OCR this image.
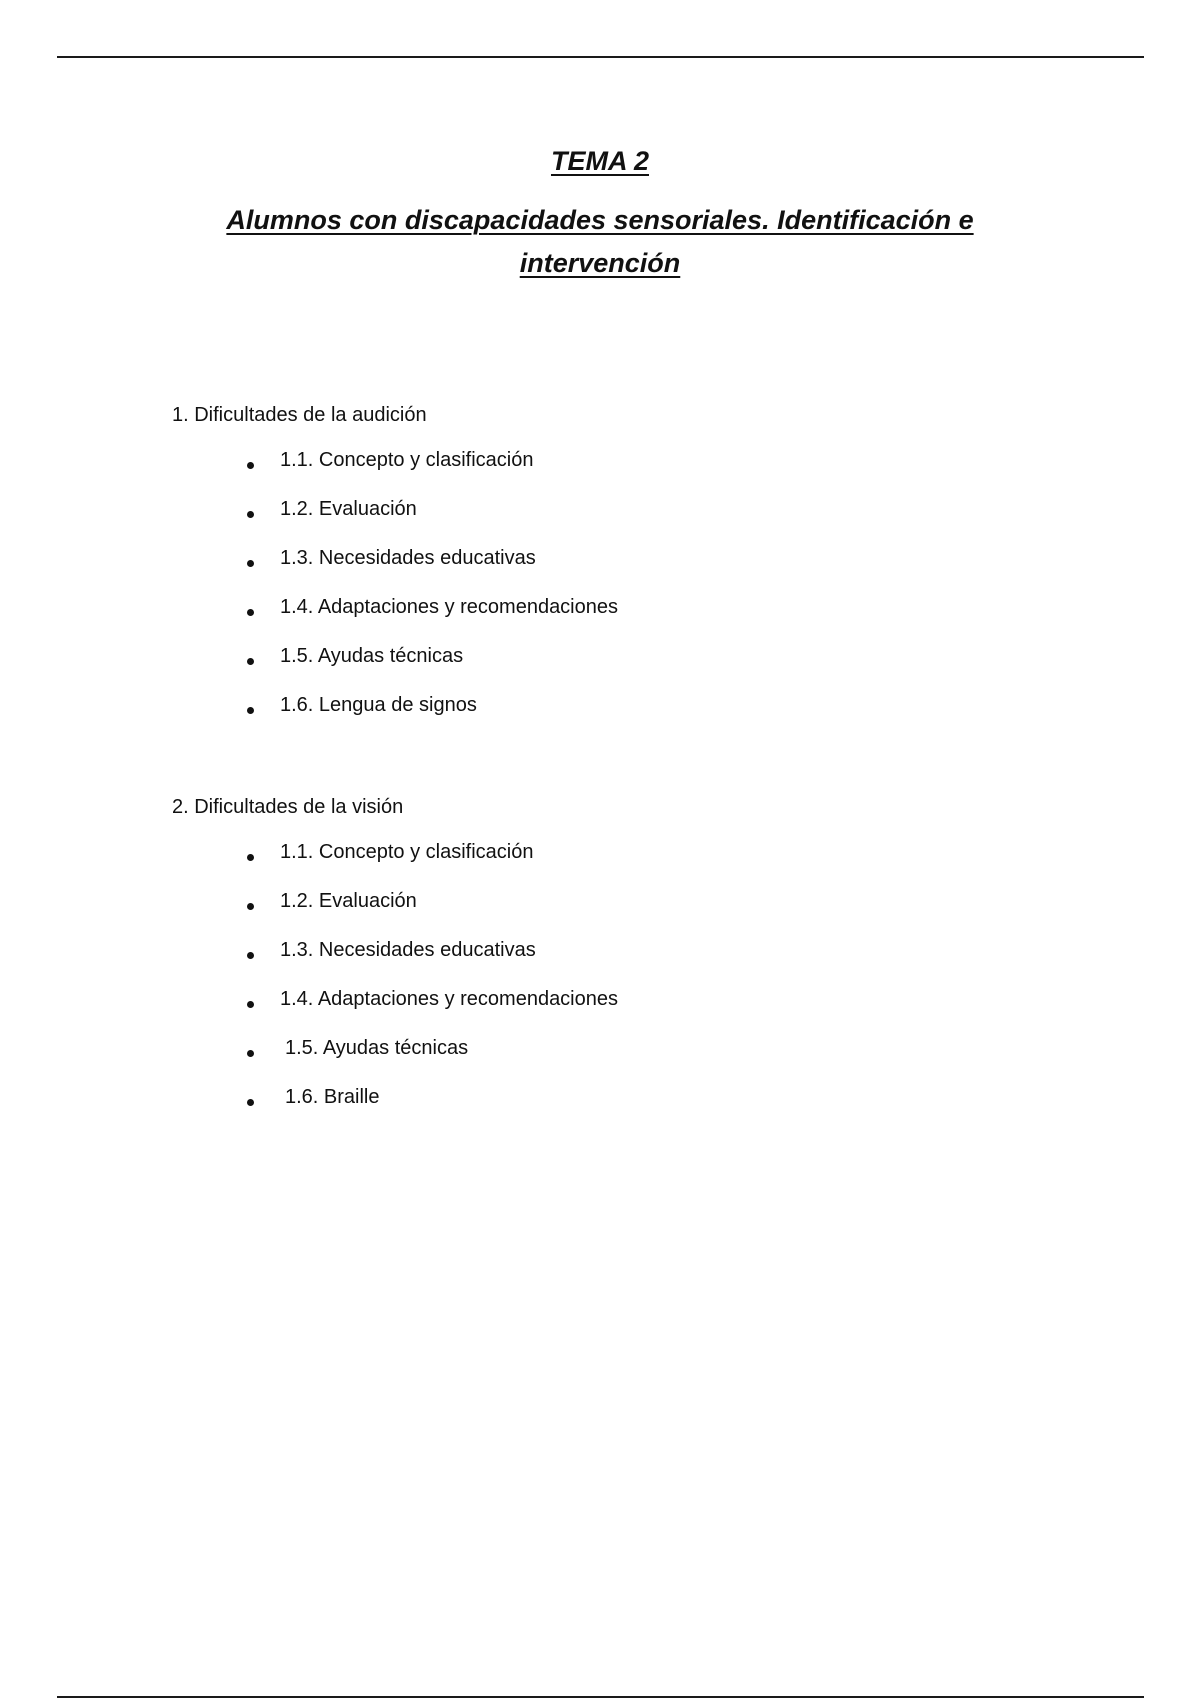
TEMA 2
Alumnos con discapacidades sensoriales. Identificación e intervención

1. Dificultades de la audición

1.1. Concepto y clasificación
1.2. Evaluación
1.3. Necesidades educativas
1.4. Adaptaciones y recomendaciones
1.5. Ayudas técnicas
1.6. Lengua de signos

2. Dificultades de la visión

1.1. Concepto y clasificación
1.2. Evaluación
1.3. Necesidades educativas
1.4. Adaptaciones y recomendaciones
1.5. Ayudas técnicas
1.6. Braille
